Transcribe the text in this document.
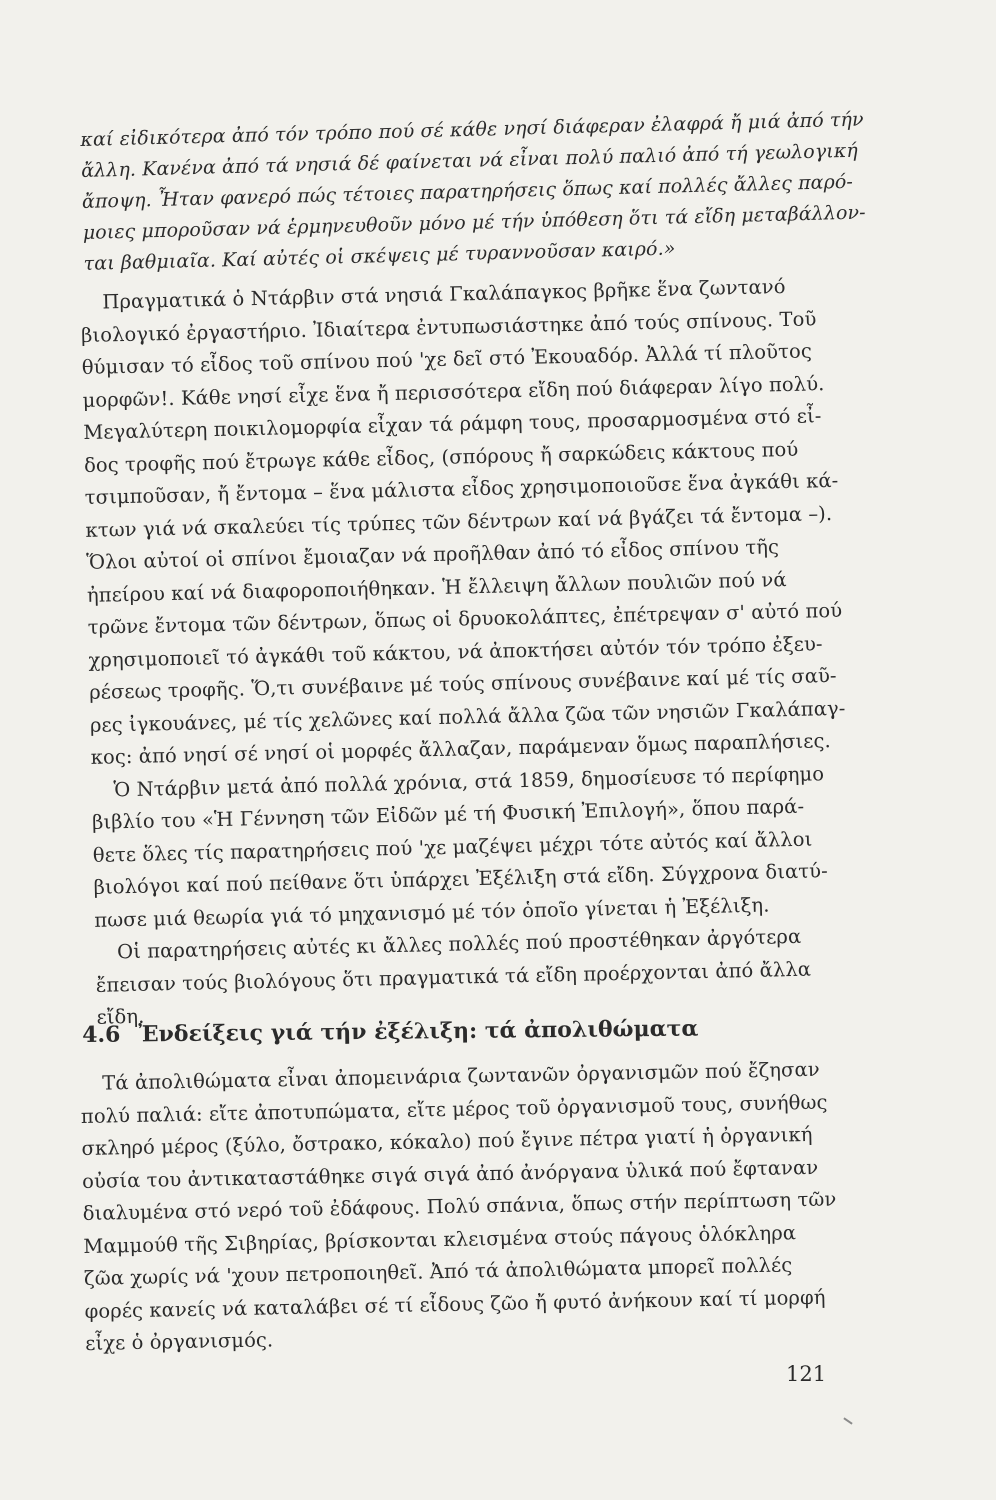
καί εἰδικότερα ἀπό τόν τρόπο πού σέ κάθε νησί διάφεραν ἐλαφρά ἤ μιά ἀπό τήν
ἄλλη. Κανένα ἀπό τά νησιά δέ φαίνεται νά εἶναι πολύ παλιό ἀπό τή γεωλογική
ἄποψη. Ἦταν φανερό πώς τέτοιες παρατηρήσεις ὅπως καί πολλές ἄλλες παρό-
μοιες μποροῦσαν νά ἑρμηνευθοῦν μόνο μέ τήν ὑπόθεση ὅτι τά εἴδη μεταβάλλον-
ται βαθμιαῖα. Καί αὐτές οἱ σκέψεις μέ τυραννοῦσαν καιρό.»
Πραγματικά ὁ Ντάρβιν στά νησιά Γκαλάπαγκος βρῆκε ἕνα ζωντανό
βιολογικό ἐργαστήριο. Ἰδιαίτερα ἐντυπωσιάστηκε ἀπό τούς σπίνους. Τοῦ
θύμισαν τό εἶδος τοῦ σπίνου πού 'χε δεῖ στό Ἐκουαδόρ. Ἀλλά τί πλοῦτος
μορφῶν!. Κάθε νησί εἶχε ἕνα ἤ περισσότερα εἴδη πού διάφεραν λίγο πολύ.
Μεγαλύτερη ποικιλομορφία εἶχαν τά ράμφη τους, προσαρμοσμένα στό εἶ-
δος τροφῆς πού ἔτρωγε κάθε εἶδος, (σπόρους ἤ σαρκώδεις κάκτους πού
τσιμποῦσαν, ἤ ἔντομα – ἕνα μάλιστα εἶδος χρησιμοποιοῦσε ἕνα ἀγκάθι κά-
κτων γιά νά σκαλεύει τίς τρύπες τῶν δέντρων καί νά βγάζει τά ἔντομα –).
Ὅλοι αὐτοί οἱ σπίνοι ἔμοιαζαν νά προῆλθαν ἀπό τό εἶδος σπίνου τῆς
ἠπείρου καί νά διαφοροποιήθηκαν. Ἡ ἔλλειψη ἄλλων πουλιῶν πού νά
τρῶνε ἔντομα τῶν δέντρων, ὅπως οἱ δρυοκολάπτες, ἐπέτρεψαν σ' αὐτό πού
χρησιμοποιεῖ τό ἀγκάθι τοῦ κάκτου, νά ἀποκτήσει αὐτόν τόν τρόπο ἐξευ-
ρέσεως τροφῆς. Ὅ,τι συνέβαινε μέ τούς σπίνους συνέβαινε καί μέ τίς σαῦ-
ρες ἰγκουάνες, μέ τίς χελῶνες καί πολλά ἄλλα ζῶα τῶν νησιῶν Γκαλάπαγ-
κος: ἀπό νησί σέ νησί οἱ μορφές ἄλλαζαν, παράμεναν ὅμως παραπλήσιες.
Ὁ Ντάρβιν μετά ἀπό πολλά χρόνια, στά 1859, δημοσίευσε τό περίφημο
βιβλίο του «Ἡ Γέννηση τῶν Εἰδῶν μέ τή Φυσική Ἐπιλογή», ὅπου παρά-
θετε ὅλες τίς παρατηρήσεις πού 'χε μαζέψει μέχρι τότε αὐτός καί ἄλλοι
βιολόγοι καί πού πείθανε ὅτι ὑπάρχει Ἐξέλιξη στά εἴδη. Σύγχρονα διατύ-
πωσε μιά θεωρία γιά τό μηχανισμό μέ τόν ὁποῖο γίνεται ἡ Ἐξέλιξη.
Οἱ παρατηρήσεις αὐτές κι ἄλλες πολλές πού προστέθηκαν ἀργότερα
ἔπεισαν τούς βιολόγους ὅτι πραγματικά τά εἴδη προέρχονται ἀπό ἄλλα
εἴδη.
4.6 Ἐνδείξεις γιά τήν ἐξέλιξη: τά ἀπολιθώματα
Τά ἀπολιθώματα εἶναι ἀπομεινάρια ζωντανῶν ὀργανισμῶν πού ἔζησαν
πολύ παλιά: εἴτε ἀποτυπώματα, εἴτε μέρος τοῦ ὀργανισμοῦ τους, συνήθως
σκληρό μέρος (ξύλο, ὄστρακο, κόκαλο) πού ἔγινε πέτρα γιατί ἡ ὀργανική
οὐσία του ἀντικαταστάθηκε σιγά σιγά ἀπό ἀνόργανα ὑλικά πού ἔφταναν
διαλυμένα στό νερό τοῦ ἐδάφους. Πολύ σπάνια, ὅπως στήν περίπτωση τῶν
Μαμμούθ τῆς Σιβηρίας, βρίσκονται κλεισμένα στούς πάγους ὁλόκληρα
ζῶα χωρίς νά 'χουν πετροποιηθεῖ. Ἀπό τά ἀπολιθώματα μπορεῖ πολλές
φορές κανείς νά καταλάβει σέ τί εἶδους ζῶο ἤ φυτό ἀνήκουν καί τί μορφή
εἶχε ὁ ὀργανισμός.
121
